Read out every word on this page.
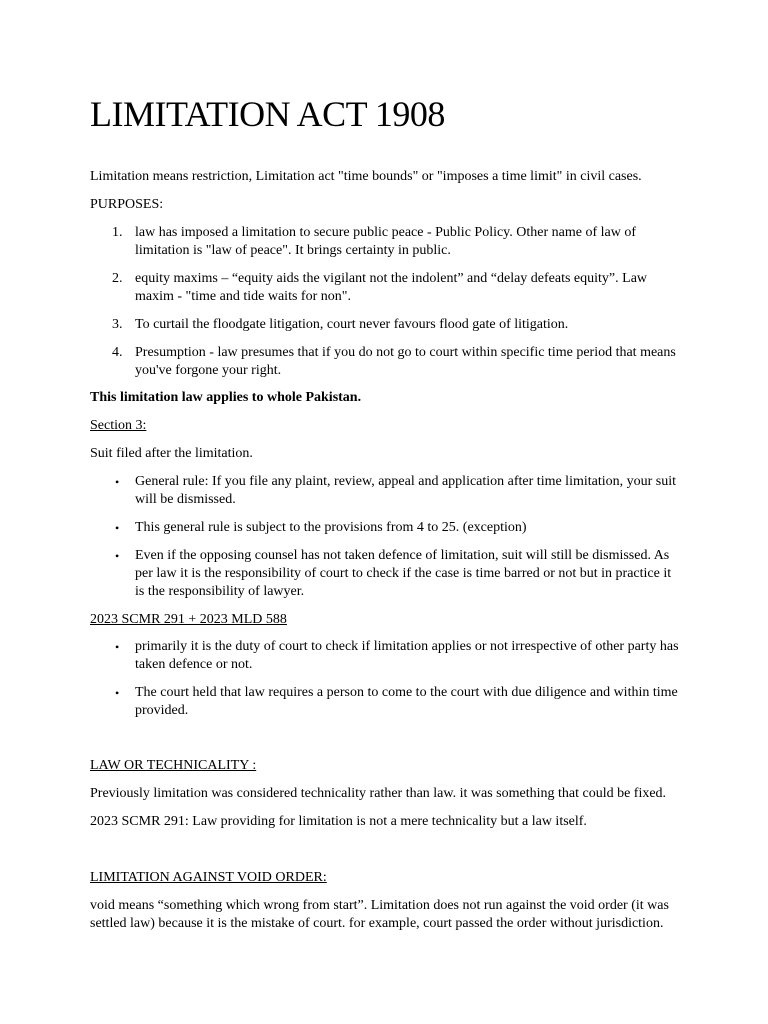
LIMITATION ACT 1908

Limitation means restriction, Limitation act "time bounds" or "imposes a time limit" in civil cases.

PURPOSES:

1. law has imposed a limitation to secure public peace - Public Policy. Other name of law of limitation is "law of peace". It brings certainty in public.
2. equity maxims – “equity aids the vigilant not the indolent” and “delay defeats equity”. Law maxim - "time and tide waits for non".
3. To curtail the floodgate litigation, court never favours flood gate of litigation.
4. Presumption - law presumes that if you do not go to court within specific time period that means you've forgone your right.

This limitation law applies to whole Pakistan.

Section 3:

Suit filed after the limitation.

• General rule: If you file any plaint, review, appeal and application after time limitation, your suit will be dismissed.
• This general rule is subject to the provisions from 4 to 25. (exception)
• Even if the opposing counsel has not taken defence of limitation, suit will still be dismissed. As per law it is the responsibility of court to check if the case is time barred or not but in practice it is the responsibility of lawyer.

2023 SCMR 291 + 2023 MLD 588

• primarily it is the duty of court to check if limitation applies or not irrespective of other party has taken defence or not.
• The court held that law requires a person to come to the court with due diligence and within time provided.

LAW OR TECHNICALITY :

Previously limitation was considered technicality rather than law. it was something that could be fixed.

2023 SCMR 291: Law providing for limitation is not a mere technicality but a law itself.

LIMITATION AGAINST VOID ORDER:

void means “something which wrong from start”. Limitation does not run against the void order (it was settled law) because it is the mistake of court. for example, court passed the order without jurisdiction.
